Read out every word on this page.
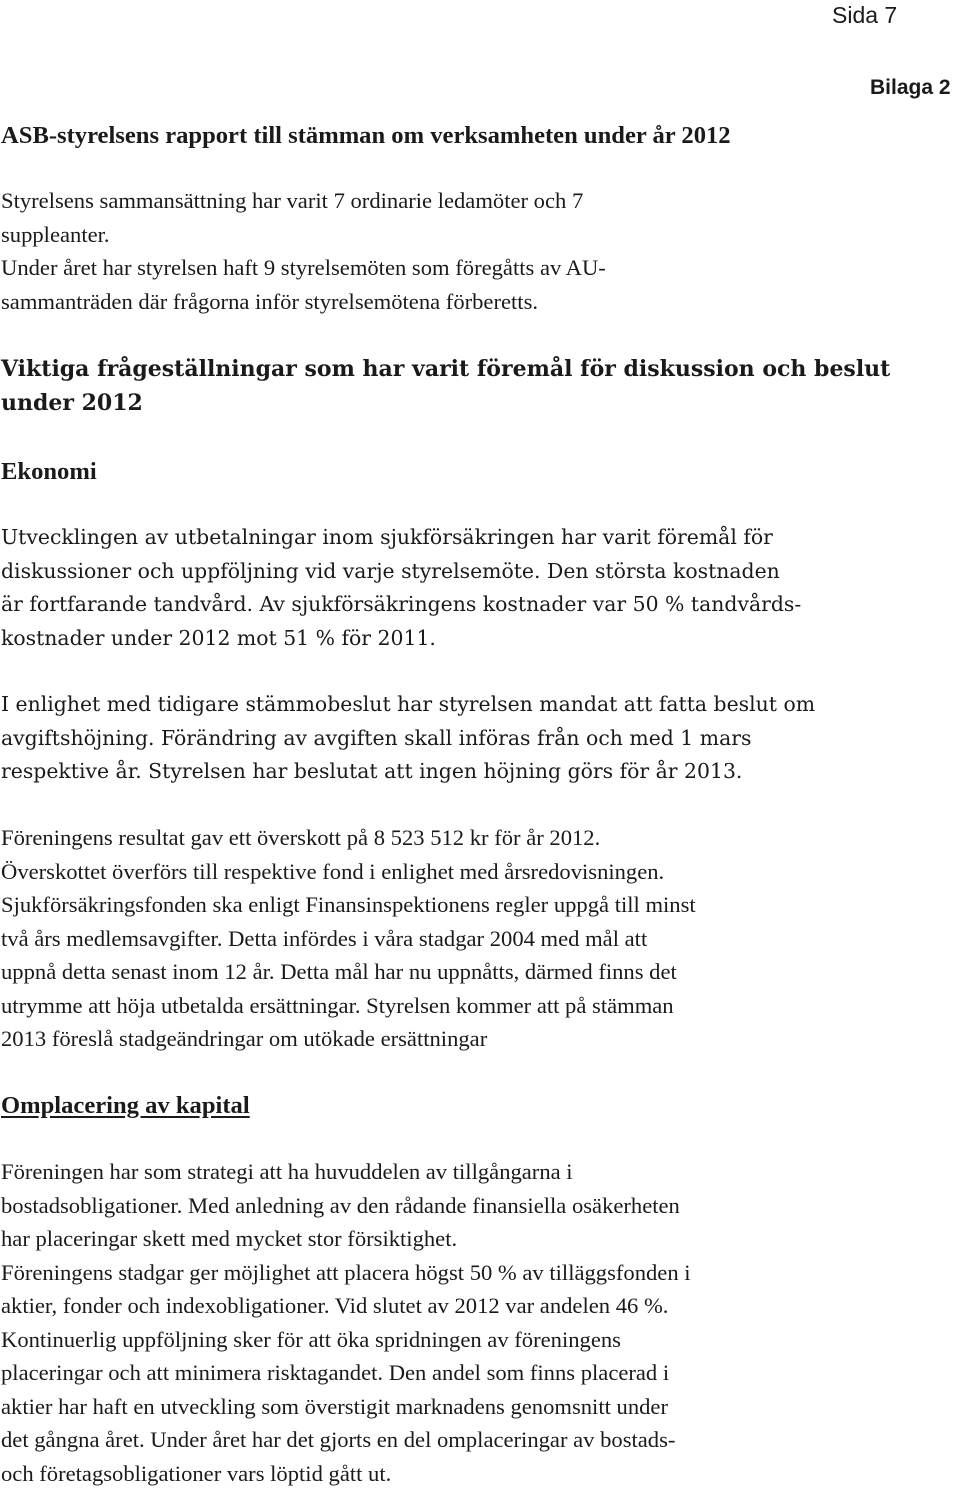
Sida 7
Bilaga 2
ASB-styrelsens rapport till stämman om verksamheten under år 2012

Styrelsens sammansättning har varit 7 ordinarie ledamöter och 7
suppleanter.
Under året har styrelsen haft 9 styrelsemöten som föregåtts av AU-
sammanträden där frågorna inför styrelsemötena förberetts.

Viktiga frågeställningar som har varit föremål för diskussion och beslut
under 2012
Ekonomi

Utvecklingen av utbetalningar inom sjukförsäkringen har varit föremål för
diskussioner och uppföljning vid varje styrelsemöte. Den största kostnaden
är fortfarande tandvård. Av sjukförsäkringens kostnader var 50 % tandvårds-
kostnader under 2012 mot 51 % för 2011.

I enlighet med tidigare stämmobeslut har styrelsen mandat att fatta beslut om
avgiftshöjning. Förändring av avgiften skall införas från och med 1 mars
respektive år. Styrelsen har beslutat att ingen höjning görs för år 2013.

Föreningens resultat gav ett överskott på 8 523 512 kr för år 2012.
Överskottet överförs till respektive fond i enlighet med årsredovisningen.
Sjukförsäkringsfonden ska enligt Finansinspektionens regler uppgå till minst
två års medlemsavgifter. Detta infördes i våra stadgar 2004 med mål att
uppnå detta senast inom 12 år. Detta mål har nu uppnåtts, därmed finns det
utrymme att höja utbetalda ersättningar. Styrelsen kommer att på stämman
2013 föreslå stadgeändringar om utökade ersättningar

Omplacering av kapital

Föreningen har som strategi att ha huvuddelen av tillgångarna i
bostadsobligationer. Med anledning av den rådande finansiella osäkerheten
har placeringar skett med mycket stor försiktighet.
Föreningens stadgar ger möjlighet att placera högst 50 % av tilläggsfonden i
aktier, fonder och indexobligationer. Vid slutet av 2012 var andelen 46 %.
Kontinuerlig uppföljning sker för att öka spridningen av föreningens
placeringar och att minimera risktagandet. Den andel som finns placerad i
aktier har haft en utveckling som överstigit marknadens genomsnitt under
det gångna året. Under året har det gjorts en del omplaceringar av bostads-
och företagsobligationer vars löptid gått ut.
